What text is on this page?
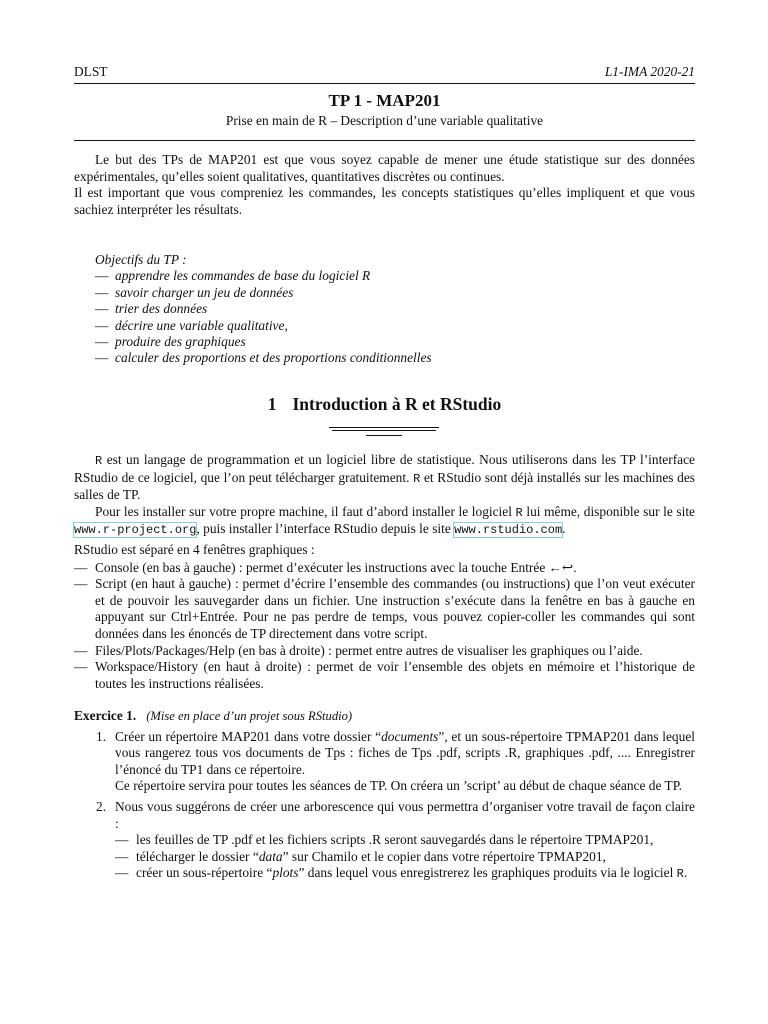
DLST	L1-IMA 2020-21
TP 1 - MAP201
Prise en main de R – Description d’une variable qualitative

Le but des TPs de MAP201 est que vous soyez capable de mener une étude statistique sur des données expérimentales, qu’elles soient qualitatives, quantitatives discrètes ou continues.

Il est important que vous compreniez les commandes, les concepts statistiques qu’elles impliquent et que vous sachiez interpréter les résultats.

Objectifs du TP :
— apprendre les commandes de base du logiciel R
— savoir charger un jeu de données
— trier des données
— décrire une variable qualitative,
— produire des graphiques
— calculer des proportions et des proportions conditionnelles
1 Introduction à R et RStudio

R est un langage de programmation et un logiciel libre de statistique. Nous utiliserons dans les TP l’interface RStudio de ce logiciel, que l’on peut télécharger gratuitement. R et RStudio sont déjà installés sur les machines des salles de TP.

Pour les installer sur votre propre machine, il faut d’abord installer le logiciel R lui même, disponible sur le site www.r-project.org, puis installer l’interface RStudio depuis le site www.rstudio.com.

RStudio est séparé en 4 fenêtres graphiques :

— Console (en bas à gauche) : permet d’exécuter les instructions avec la touche Entrée ←↩.
— Script (en haut à gauche) : permet d’écrire l’ensemble des commandes (ou instructions) que l’on veut exécuter et de pouvoir les sauvegarder dans un fichier. Une instruction s’exécute dans la fenêtre en bas à gauche en appuyant sur Ctrl+Entrée. Pour ne pas perdre de temps, vous pouvez copier-coller les commandes qui sont données dans les énoncés de TP directement dans votre script.
— Files/Plots/Packages/Help (en bas à droite) : permet entre autres de visualiser les graphiques ou l’aide.
— Workspace/History (en haut à droite) : permet de voir l’ensemble des objets en mémoire et l’historique de toutes les instructions réalisées.

Exercice 1. (Mise en place d’un projet sous RStudio)

1. Créer un répertoire MAP201 dans votre dossier “documents”, et un sous-répertoire TPMAP201 dans lequel vous rangerez tous vos documents de Tps : fiches de Tps .pdf, scripts .R, graphiques .pdf, .... Enregistrer l’énoncé du TP1 dans ce répertoire.

Ce répertoire servira pour toutes les séances de TP. On créera un ’script’ au début de chaque séance de TP.

2. Nous vous suggérons de créer une arborescence qui vous permettra d’organiser votre travail de façon claire :

— les feuilles de TP .pdf et les fichiers scripts .R seront sauvegardés dans le répertoire TPMAP201,
— télécharger le dossier “data” sur Chamilo et le copier dans votre répertoire TPMAP201,
— créer un sous-répertoire “plots” dans lequel vous enregistrerez les graphiques produits via le logiciel R.
